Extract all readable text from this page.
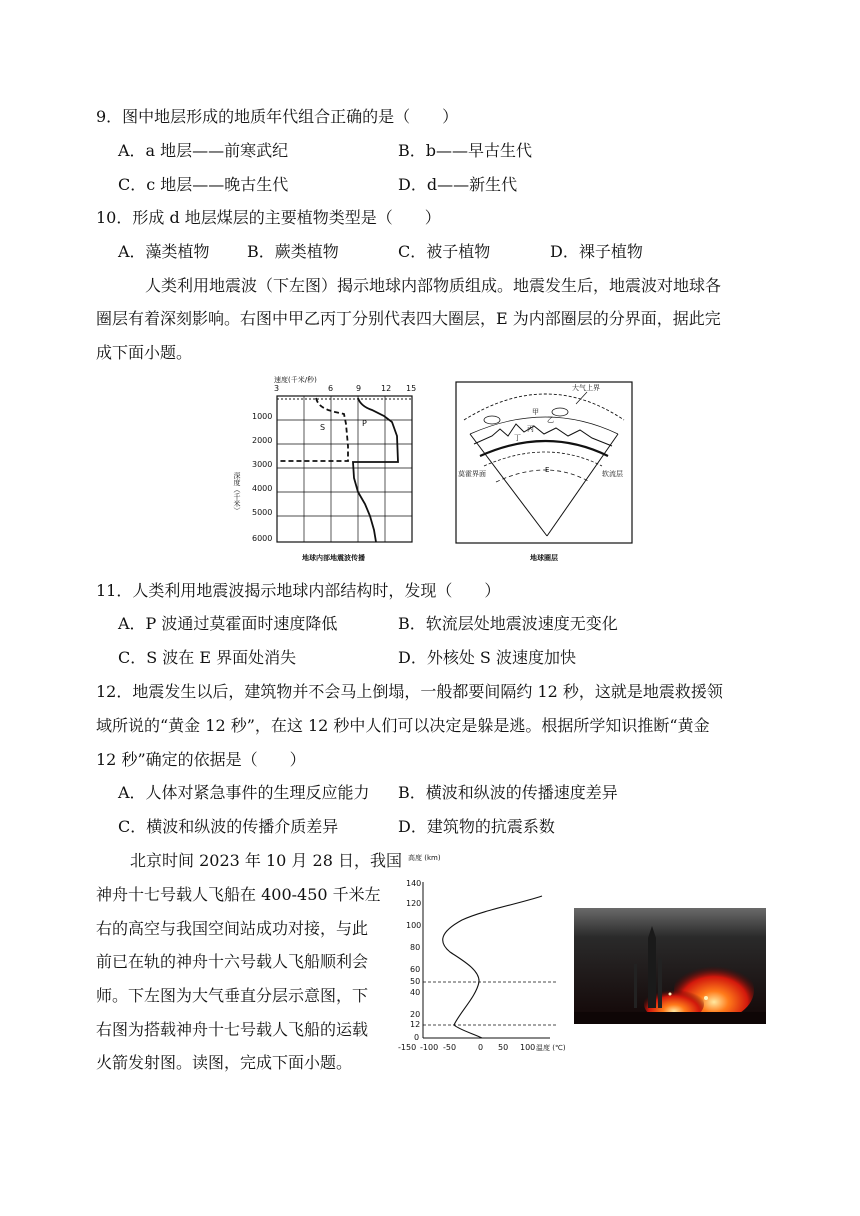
9．图中地层形成的地质年代组合正确的是（　　）
A．a 地层——前寒武纪	B．b——早古生代
C．c 地层——晚古生代	D．d——新生代
10．形成 d 地层煤层的主要植物类型是（　　）
A．藻类植物 B．蕨类植物	C．被子植物	D．裸子植物
人类利用地震波（下左图）揭示地球内部物质组成。地震发生后，地震波对地球各
圈层有着深刻影响。右图中甲乙丙丁分别代表四大圈层，E 为内部圈层的分界面，据此完
成下面小题。
速度(千米/秒)
3	6	9 12 15
1000
2000
3000
4000
5000
6000
深度（千米）
S	P
地球内部地震波传播
大气上界
甲
乙
丙
丁
莫霍界面	软流层
E
地球圈层
11．人类利用地震波揭示地球内部结构时，发现（　　）
A．P 波通过莫霍面时速度降低	B．软流层处地震波速度无变化
C．S 波在 E 界面处消失	D．外核处 S 波速度加快
12．地震发生以后，建筑物并不会马上倒塌，一般都要间隔约 12 秒，这就是地震救援领
域所说的“黄金 12 秒”，在这 12 秒中人们可以决定是躲是逃。根据所学知识推断“黄金
12 秒”确定的依据是（　　）
A．人体对紧急事件的生理反应能力 B．横波和纵波的传播速度差异
C．横波和纵波的传播介质差异	D．建筑物的抗震系数
北京时间 2023 年 10 月 28 日，我国
神舟十七号载人飞船在 400-450 千米左
右的高空与我国空间站成功对接，与此
前已在轨的神舟十六号载人飞船顺利会
师。下左图为大气垂直分层示意图，下
右图为搭载神舟十七号载人飞船的运载
火箭发射图。读图，完成下面小题。
高度 (km)
140
120
100
80
60
50
40
20
12
0
-150 -100 -50	0 50 100 温度 (℃)
